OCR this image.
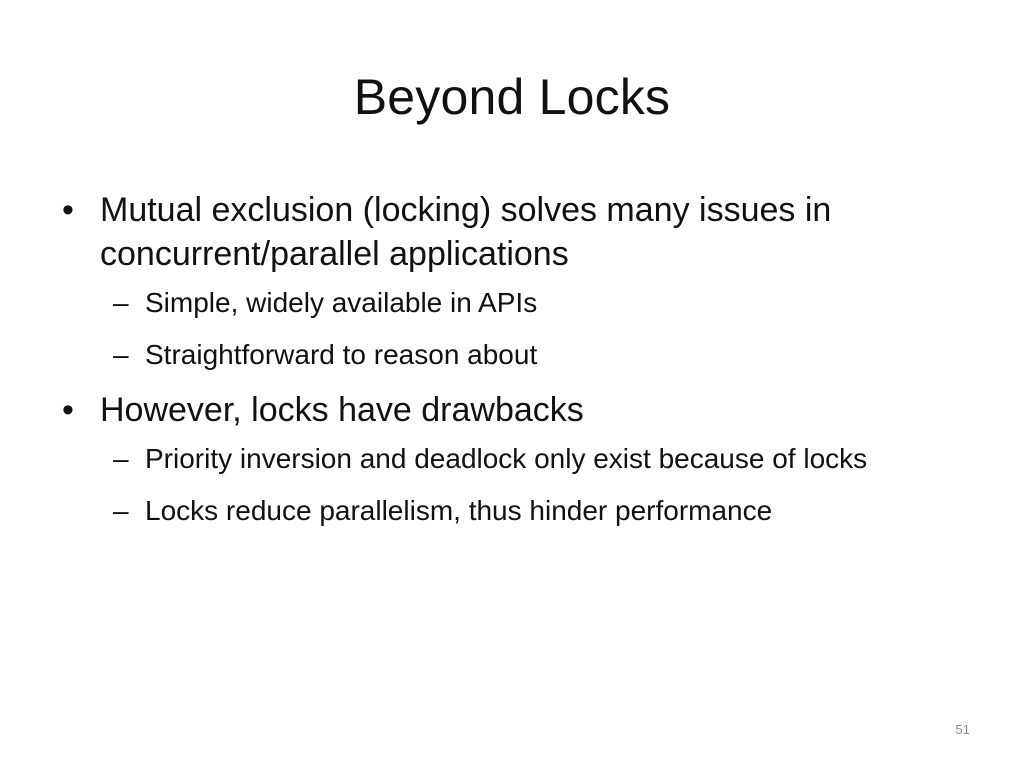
Beyond Locks
• Mutual exclusion (locking) solves many issues in concurrent/parallel applications
– Simple, widely available in APIs
– Straightforward to reason about
• However, locks have drawbacks
– Priority inversion and deadlock only exist because of locks
– Locks reduce parallelism, thus hinder performance
51
